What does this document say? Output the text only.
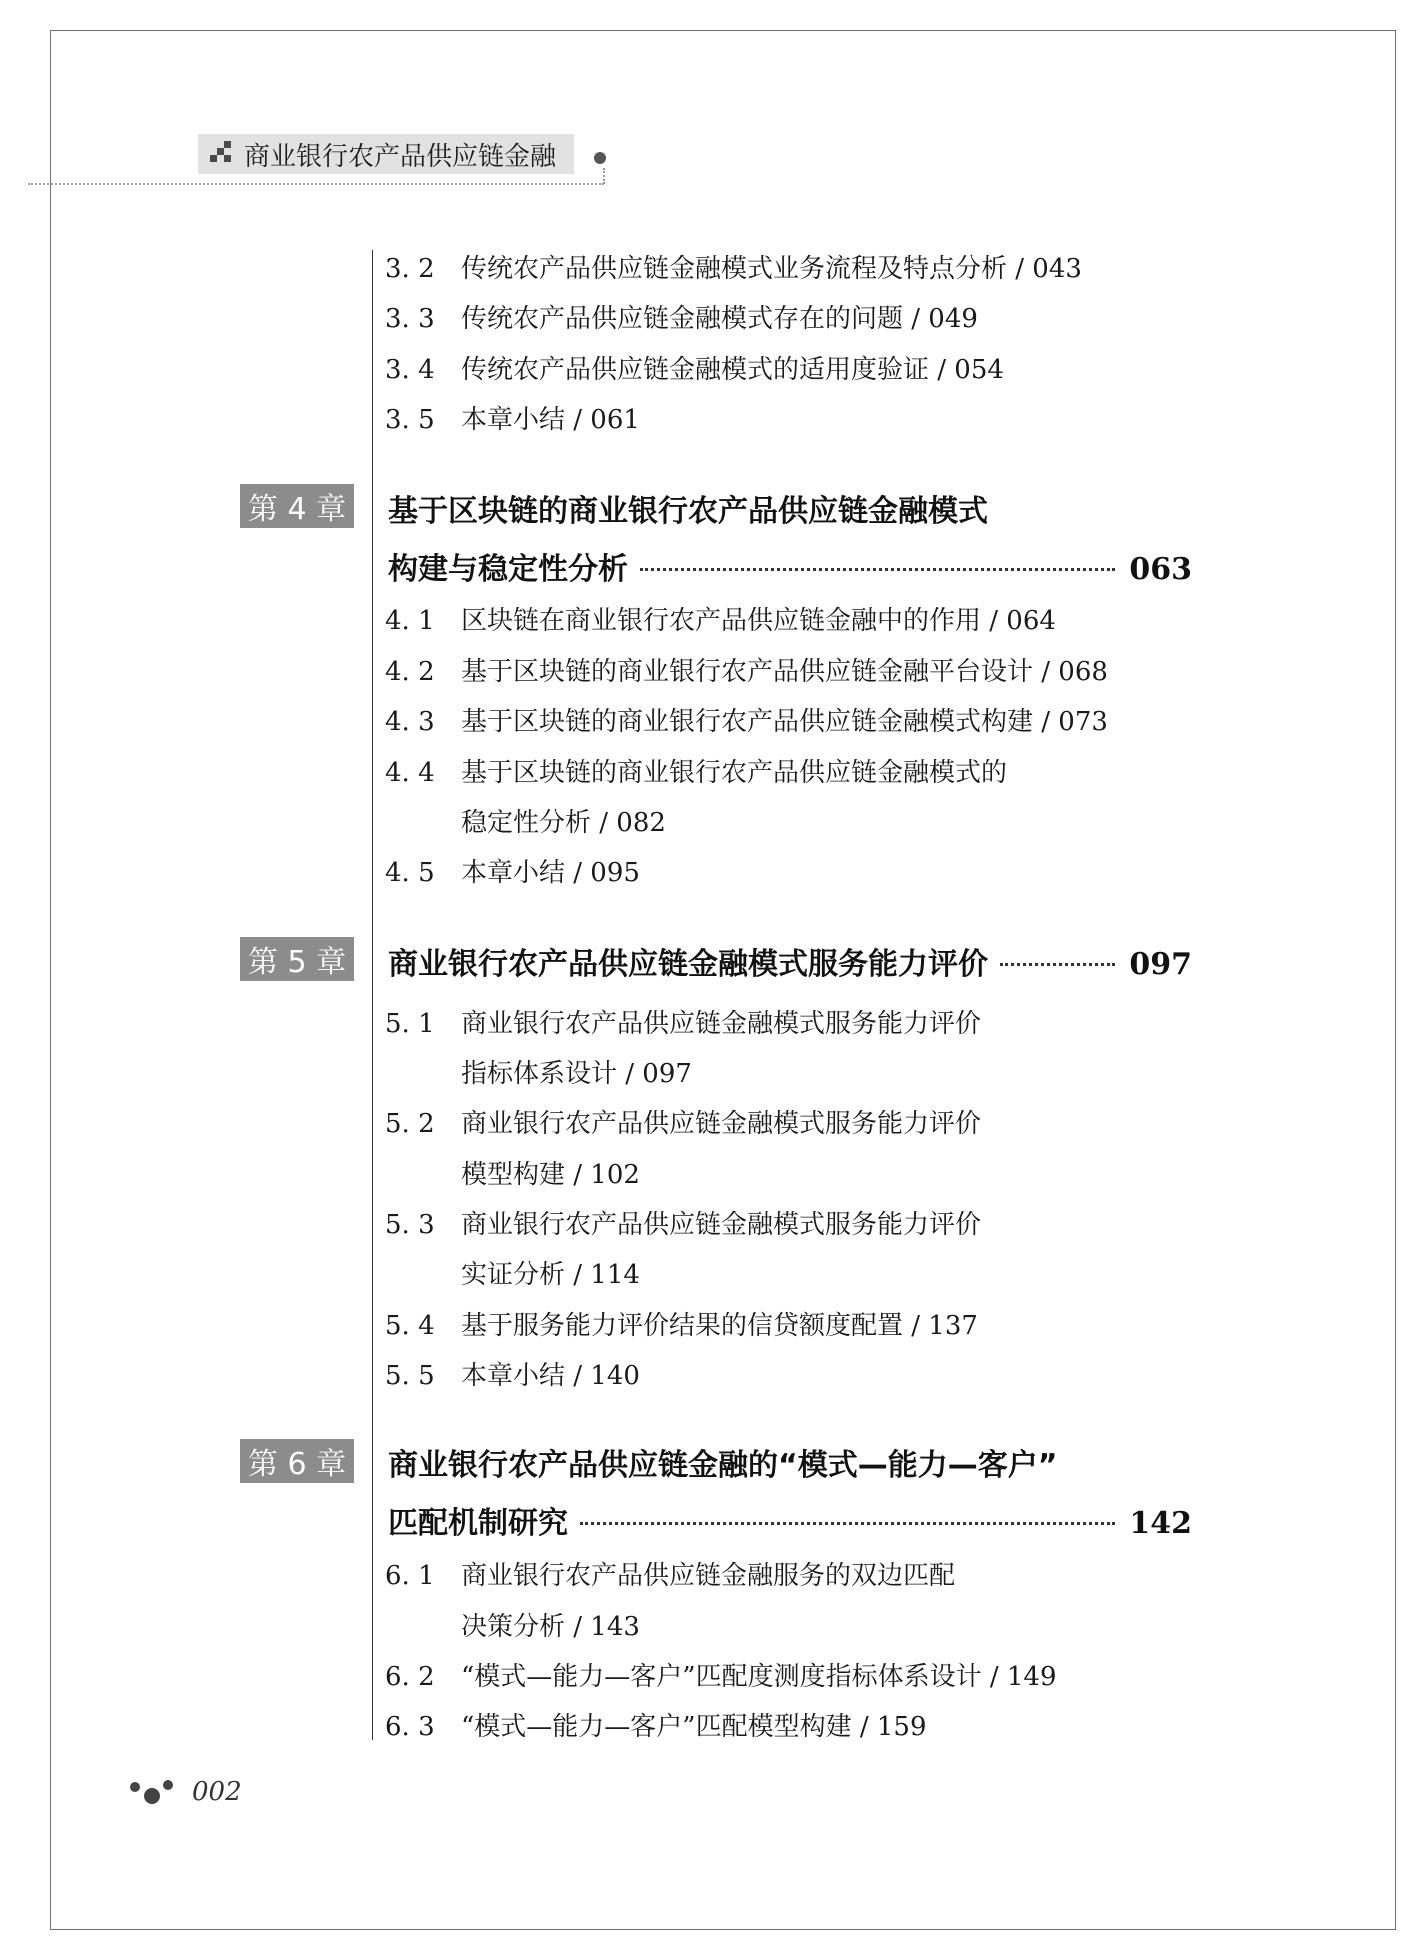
商业银行农产品供应链金融
3. 2 传统农产品供应链金融模式业务流程及特点分析 / 043
3. 3 传统农产品供应链金融模式存在的问题 / 049
3. 4 传统农产品供应链金融模式的适用度验证 / 054
3. 5 本章小结 / 061
第 4 章 基于区块链的商业银行农产品供应链金融模式
构建与稳定性分析	063
4. 1 区块链在商业银行农产品供应链金融中的作用 / 064
4. 2 基于区块链的商业银行农产品供应链金融平台设计 / 068
4. 3 基于区块链的商业银行农产品供应链金融模式构建 / 073
4. 4 基于区块链的商业银行农产品供应链金融模式的
稳定性分析 / 082
4. 5 本章小结 / 095
第 5 章 商业银行农产品供应链金融模式服务能力评价	097
5. 1 商业银行农产品供应链金融模式服务能力评价
指标体系设计 / 097
5. 2 商业银行农产品供应链金融模式服务能力评价
模型构建 / 102
5. 3 商业银行农产品供应链金融模式服务能力评价
实证分析 / 114
5. 4 基于服务能力评价结果的信贷额度配置 / 137
5. 5 本章小结 / 140
第 6 章 商业银行农产品供应链金融的“模式—能力—客户”
匹配机制研究	142
6. 1 商业银行农产品供应链金融服务的双边匹配
决策分析 / 143
6. 2 “模式—能力—客户”匹配度测度指标体系设计 / 149
6. 3 “模式—能力—客户”匹配模型构建 / 159
002
